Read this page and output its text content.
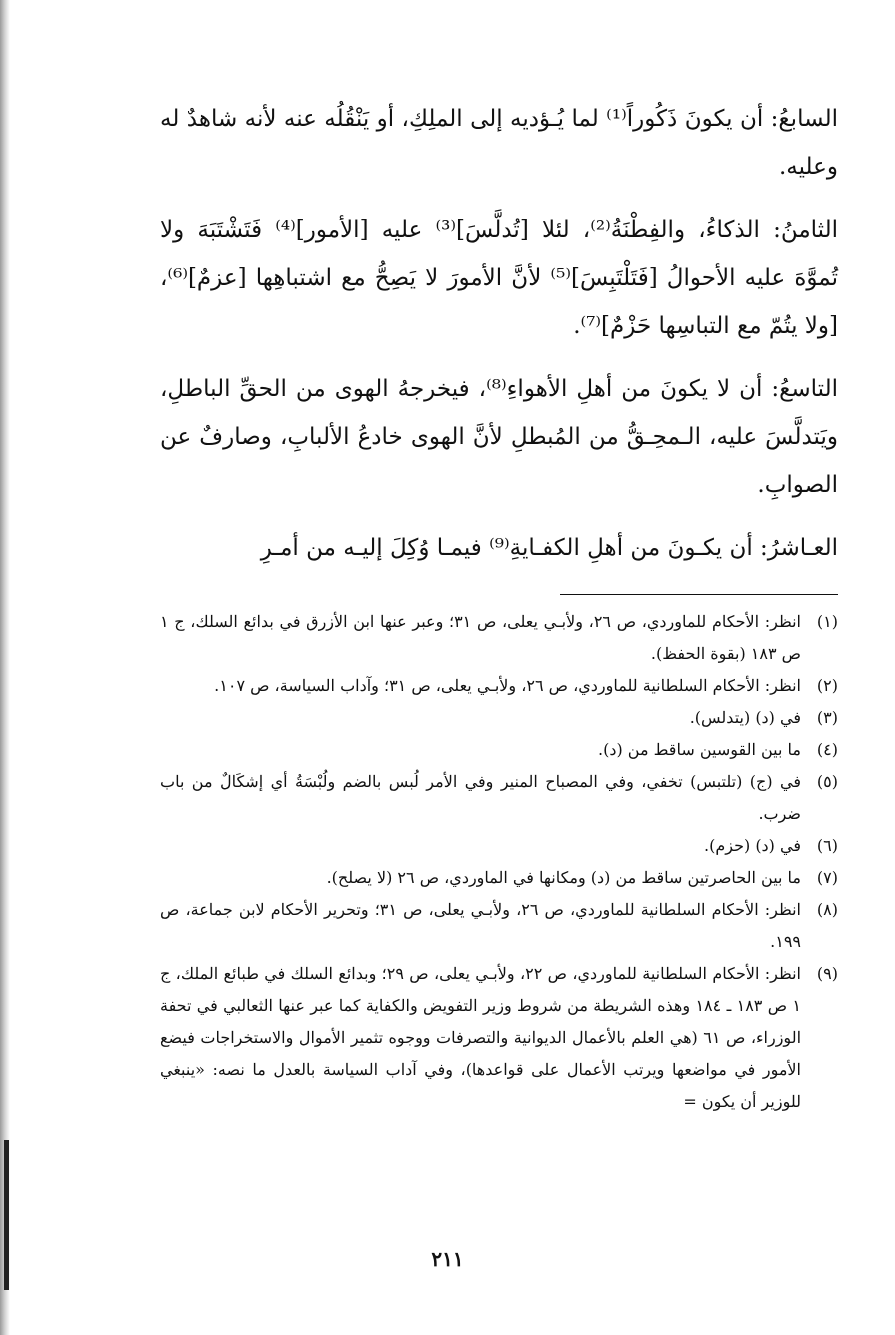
السابعُ: أن يكونَ ذَكُوراً⁽¹⁾ لما يُـؤديه إلى الملِكِ، أو يَنْقُلُه عنه لأنه شاهدٌ له وعليه.

الثامنُ: الذكاءُ، والفِطْنَةُ⁽²⁾، لئلا [تُدلَّسَ]⁽³⁾ عليه [الأمور]⁽⁴⁾ فَتَشْتَبَهَ ولا تُموَّهَ عليه الأحوالُ [فَتَلْتَبِسَ]⁽⁵⁾ لأنَّ الأمورَ لا يَصِحُّ مع اشتباهِها [عزمٌ]⁽⁶⁾، [ولا يتُمّ مع التباسِها حَزْمٌ]⁽⁷⁾.

التاسعُ: أن لا يكونَ من أهلِ الأهواءِ⁽⁸⁾، فيخرجهُ الهوى من الحقِّ الباطلِ، ويَتدلَّسَ عليه، الـمحِـقُّ من المُبطلِ لأنَّ الهوى خادعُ الألبابِ، وصارفٌ عن الصوابِ.

العـاشرُ: أن يكـونَ من أهلِ الكفـايةِ⁽⁹⁾ فيمـا وُكِلَ إليـه من أمـرِ

(١)
انظر: الأحكام للماوردي، ص ٢٦، ولأبـي يعلى، ص ٣١؛ وعبر عنها ابن الأزرق في بدائع السلك، ج ١ ص ١٨٣ (بقوة الحفظ).
(٢)
انظر: الأحكام السلطانية للماوردي، ص ٢٦، ولأبـي يعلى، ص ٣١؛ وآداب السياسة، ص ١٠٧.
(٣)
في (د) (يتدلس).
(٤)
ما بين القوسين ساقط من (د).
(٥)
في (ج) (تلتبس) تخفي، وفي المصباح المنير وفي الأمر لُبس بالضم ولُبْسَةُ أي إشكَالٌ من باب ضرب.
(٦)
في (د) (حزم).
(٧)
ما بين الحاصرتين ساقط من (د) ومكانها في الماوردي، ص ٢٦ (لا يصلح).
(٨)
انظر: الأحكام السلطانية للماوردي، ص ٢٦، ولأبـي يعلى، ص ٣١؛ وتحرير الأحكام لابن جماعة، ص ١٩٩.
(٩)
انظر: الأحكام السلطانية للماوردي، ص ٢٢، ولأبـي يعلى، ص ٢٩؛ وبدائع السلك في طبائع الملك، ج ١ ص ١٨٣ ـ ١٨٤ وهذه الشريطة من شروط وزير التفويض والكفاية كما عبر عنها الثعالبي في تحفة الوزراء، ص ٦١ (هي العلم بالأعمال الديوانية والتصرفات ووجوه تثمير الأموال والاستخراجات فيضع الأمور في مواضعها ويرتب الأعمال على قواعدها)، وفي آداب السياسة بالعدل ما نصه: «ينبغي للوزير أن يكون =
٢١١
